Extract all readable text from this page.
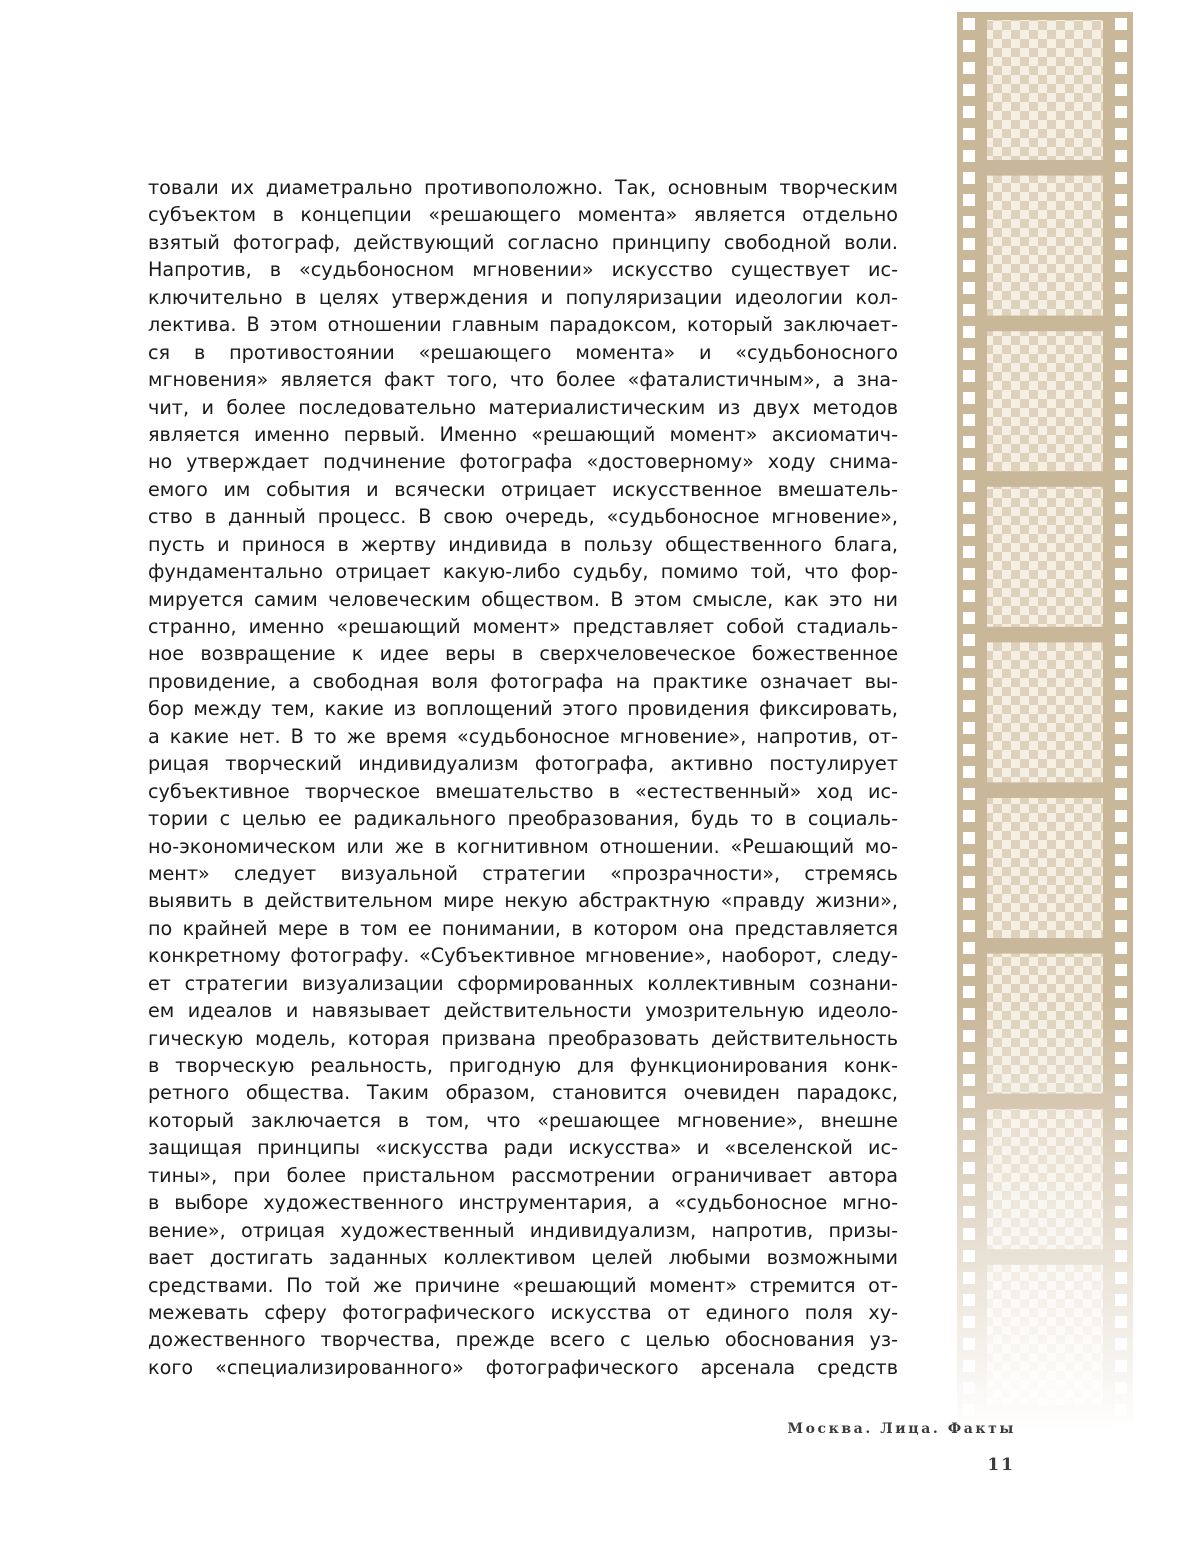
товали их диаметрально противоположно. Так, основным творческим
субъектом в концепции «решающего момента» является отдельно
взятый фотограф, действующий согласно принципу свободной воли.
Напротив, в «судьбоносном мгновении» искусство существует ис-
ключительно в целях утверждения и популяризации идеологии кол-
лектива. В этом отношении главным парадоксом, который заключает-
ся в противостоянии «решающего момента» и «судьбоносного
мгновения» является факт того, что более «фаталистичным», а зна-
чит, и более последовательно материалистическим из двух методов
является именно первый. Именно «решающий момент» аксиоматич-
но утверждает подчинение фотографа «достоверному» ходу снима-
емого им события и всячески отрицает искусственное вмешатель-
ство в данный процесс. В свою очередь, «судьбоносное мгновение»,
пусть и принося в жертву индивида в пользу общественного блага,
фундаментально отрицает какую-либо судьбу, помимо той, что фор-
мируется самим человеческим обществом. В этом смысле, как это ни
странно, именно «решающий момент» представляет собой стадиаль-
ное возвращение к идее веры в сверхчеловеческое божественное
провидение, а свободная воля фотографа на практике означает вы-
бор между тем, какие из воплощений этого провидения фиксировать,
а какие нет. В то же время «судьбоносное мгновение», напротив, от-
рицая творческий индивидуализм фотографа, активно постулирует
субъективное творческое вмешательство в «естественный» ход ис-
тории с целью ее радикального преобразования, будь то в социаль-
но-экономическом или же в когнитивном отношении. «Решающий мо-
мент» следует визуальной стратегии «прозрачности», стремясь
выявить в действительном мире некую абстрактную «правду жизни»,
по крайней мере в том ее понимании, в котором она представляется
конкретному фотографу. «Субъективное мгновение», наоборот, следу-
ет стратегии визуализации сформированных коллективным сознани-
ем идеалов и навязывает действительности умозрительную идеоло-
гическую модель, которая призвана преобразовать действительность
в творческую реальность, пригодную для функционирования конк-
ретного общества. Таким образом, становится очевиден парадокс,
который заключается в том, что «решающее мгновение», внешне
защищая принципы «искусства ради искусства» и «вселенской ис-
тины», при более пристальном рассмотрении ограничивает автора
в выборе художественного инструментария, а «судьбоносное мгно-
вение», отрицая художественный индивидуализм, напротив, призы-
вает достигать заданных коллективом целей любыми возможными
средствами. По той же причине «решающий момент» стремится от-
межевать сферу фотографического искусства от единого поля ху-
дожественного творчества, прежде всего с целью обоснования уз-
кого «специализированного» фотографического арсенала средств
Москва. Лица. Факты
11
